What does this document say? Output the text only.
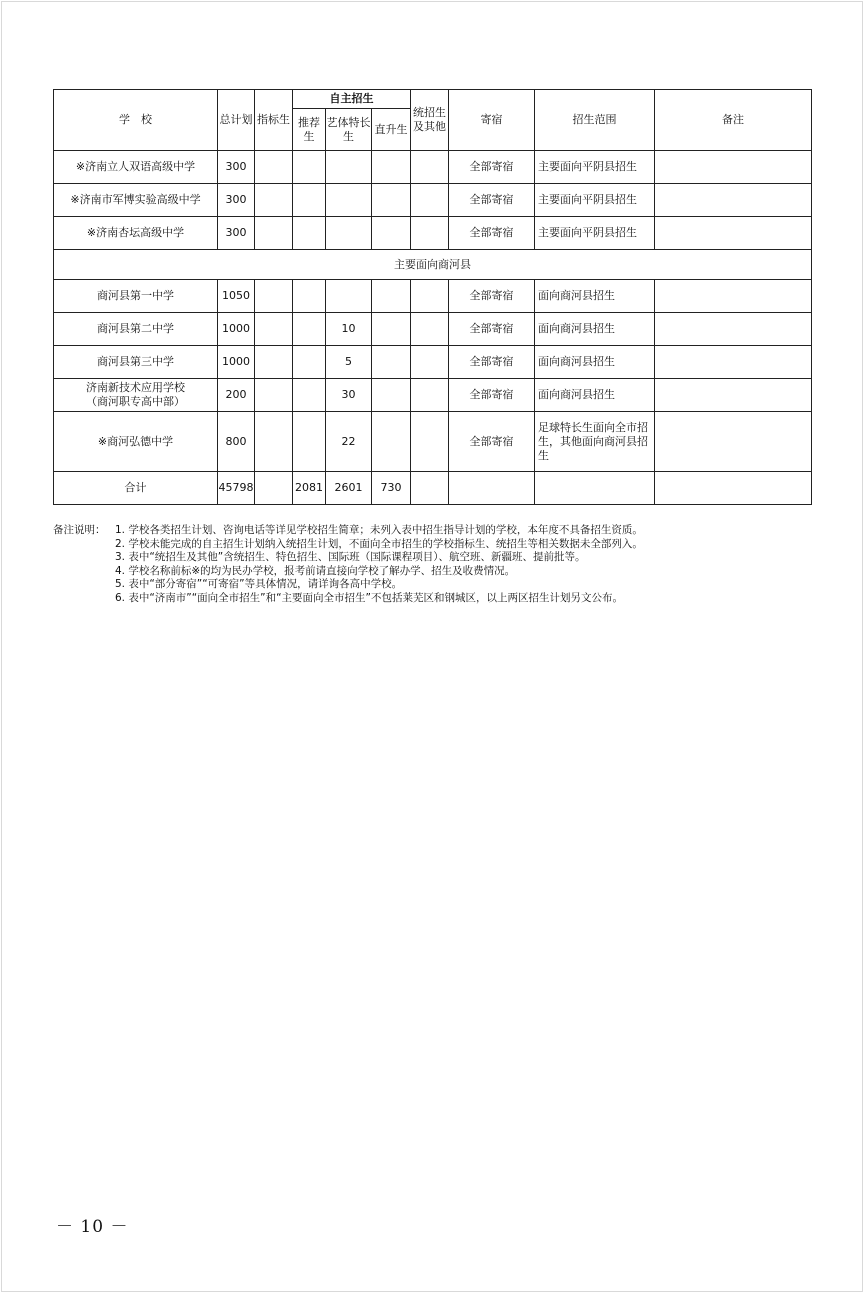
学　校	总计划	指标生	自主招生			统招生及其他	寄宿	招生范围	备注
			推荐生	艺体特长生	直升生				
※济南立人双语高级中学	300						全部寄宿	主要面向平阴县招生	
※济南市军博实验高级中学	300						全部寄宿	主要面向平阴县招生	
※济南杏坛高级中学	300						全部寄宿	主要面向平阴县招生	
主要面向商河县									
商河县第一中学	1050						全部寄宿	面向商河县招生	
商河县第二中学	1000			10			全部寄宿	面向商河县招生	
商河县第三中学	1000			5			全部寄宿	面向商河县招生	
济南新技术应用学校
（商河职专高中部）	200			30			全部寄宿	面向商河县招生	
※商河弘德中学	800			22			全部寄宿	足球特长生面向全市招生，其他面向商河县招生	
合计	45798		2081	2601	730				
备注说明： 1. 学校各类招生计划、咨询电话等详见学校招生简章；未列入表中招生指导计划的学校，本年度不具备招生资质。
2. 学校未能完成的自主招生计划纳入统招生计划，不面向全市招生的学校指标生、统招生等相关数据未全部列入。
3. 表中“统招生及其他”含统招生、特色招生、国际班（国际课程项目）、航空班、新疆班、提前批等。
4. 学校名称前标※的均为民办学校，报考前请直接向学校了解办学、招生及收费情况。
5. 表中“部分寄宿”“可寄宿”等具体情况，请详询各高中学校。
6. 表中“济南市”“面向全市招生”和“主要面向全市招生”不包括莱芜区和钢城区，以上两区招生计划另文公布。
－ 10 －
